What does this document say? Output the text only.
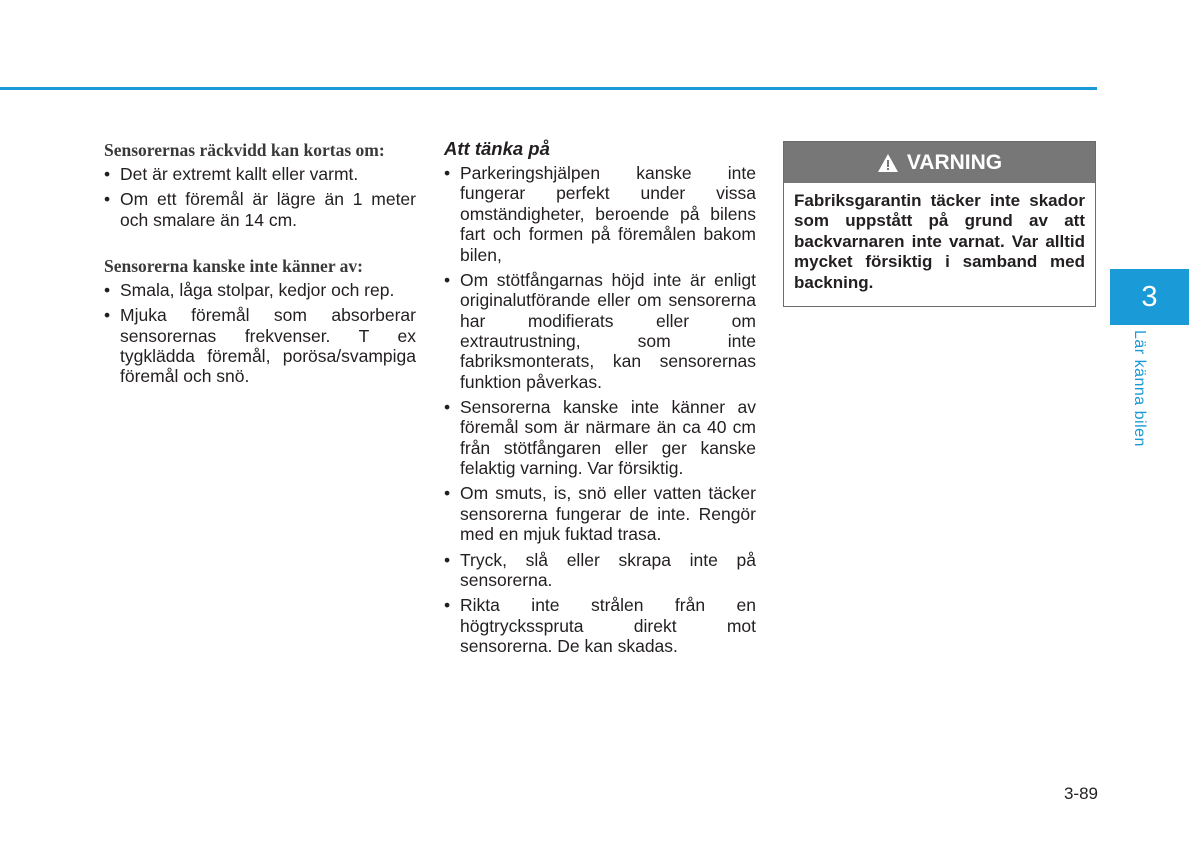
Sensorernas räckvidd kan kortas om:
• Det är extremt kallt eller varmt.
• Om ett föremål är lägre än 1 meter och smalare än 14 cm.
Sensorerna kanske inte känner av:
• Smala, låga stolpar, kedjor och rep.
• Mjuka föremål som absorberar sensorernas frekvenser. T ex tygklädda föremål, porösa/svampiga föremål och snö.
Att tänka på
• Parkeringshjälpen kanske inte fungerar perfekt under vissa omständigheter, beroende på bilens fart och formen på föremålen bakom bilen,
• Om stötfångarnas höjd inte är enligt originalutförande eller om sensorerna har modifierats eller om extrautrustning, som inte fabriksmonterats, kan sensorernas funktion påverkas.
• Sensorerna kanske inte känner av föremål som är närmare än ca 40 cm från stötfångaren eller ger kanske felaktig varning. Var försiktig.
• Om smuts, is, snö eller vatten täcker sensorerna fungerar de inte. Rengör med en mjuk fuktad trasa.
• Tryck, slå eller skrapa inte på sensorerna.
• Rikta inte strålen från en högtrycksspruta direkt mot sensorerna. De kan skadas.
VARNING
Fabriksgarantin täcker inte skador som uppstått på grund av att backvarnaren inte varnat. Var alltid mycket försiktig i samband med backning.	3
Lär känna bilen
3-89
